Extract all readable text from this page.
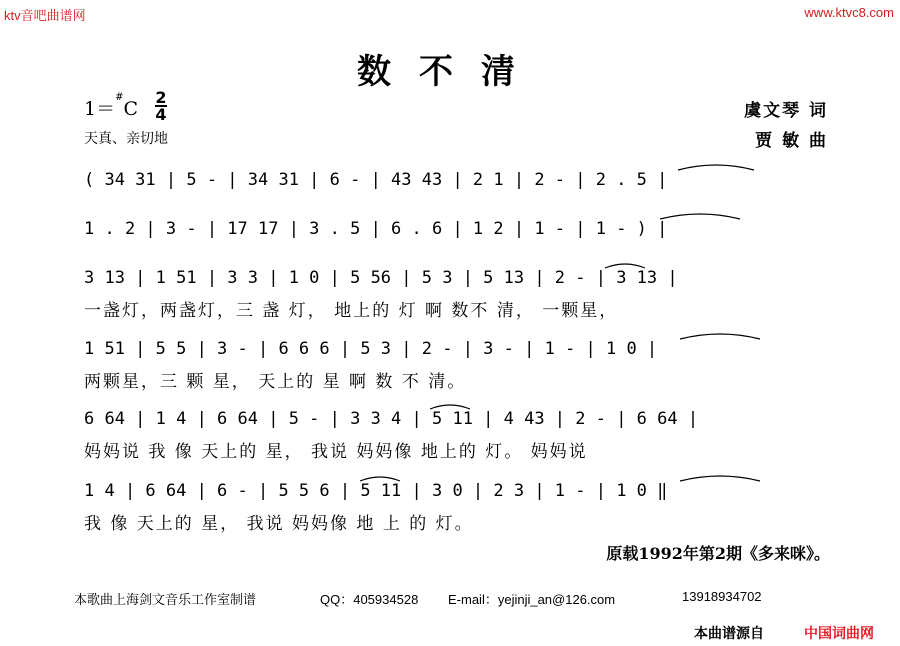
ktv音吧曲谱网	www.ktvc8.com
数不清
1＝#C
2
4
天真、亲切地
虞文琴 词
贾 敏 曲
( 34 31 | 5 - | 34 31 | 6 - | 43 43 | 2 1 | 2 - | 2 . 5 |
1 . 2 | 3 - | 17 17 | 3 . 5 | 6 . 6 | 1 2 | 1 - | 1 - ) |
3 13 | 1 51 | 3 3 | 1 0 | 5 56 | 5 3 | 5 13 | 2 - | 3 13 |
一盏灯，两盏灯，三 盏 灯， 地上的 灯 啊 数不 清， 一颗星，
1 51 | 5 5 | 3 - | 6 6 6 | 5 3 | 2 - | 3 - | 1 - | 1 0 |
两颗星，三 颗 星， 天上的 星 啊 数 不 清。
6 64 | 1 4 | 6 64 | 5 - | 3 3 4 | 5 11 | 4 43 | 2 - | 6 64 |
妈妈说 我 像 天上的 星， 我说 妈妈像 地上的 灯。 妈妈说
1 4 | 6 64 | 6 - | 5 5 6 | 5 11 | 3 0 | 2 3 | 1 - | 1 0 ‖
我 像 天上的 星， 我说 妈妈像 地 上 的 灯。
原载1992年第2期《多来咪》。
本歌曲上海剑文音乐工作室制谱	QQ：405934528 E-mail：yejinji_an@126.com	13918934702
本曲谱源自	中国词曲网
